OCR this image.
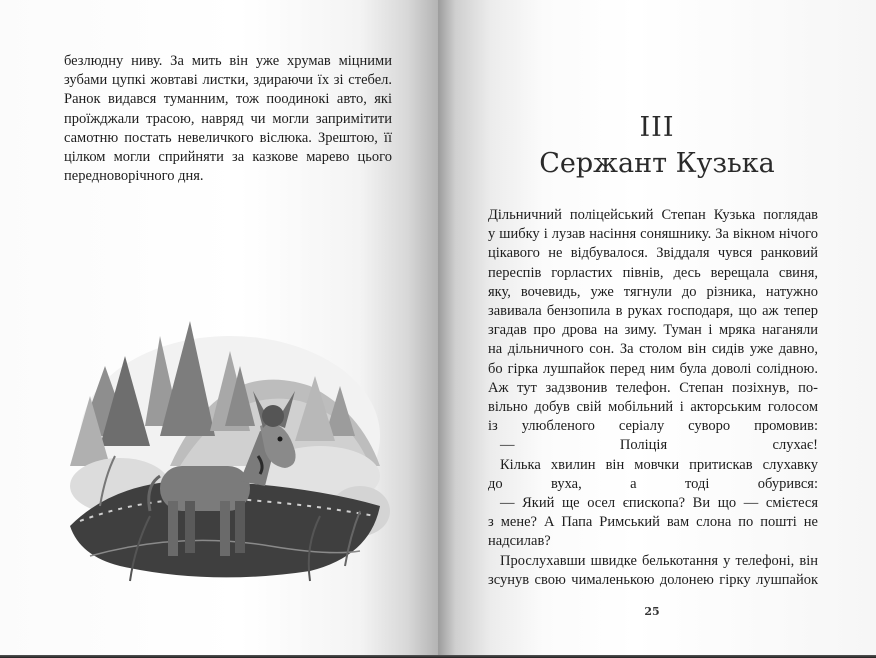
безлюдну ниву. За мить він уже хрумав міцними
зубами цупкі жовтаві листки, здираючи їх зі стебел.
Ранок видався туманним, тож поодинокі авто, які
проїжджали трасою, навряд чи могли запримітити
самотню постать невеличкого віслюка. Зрештою, її
цілком могли сприйняти за казкове марево цього
передноворічного дня.
III
Сержант Кузька
Дільничний поліцейський Степан Кузька поглядав
у шибку і лузав насіння соняшнику. За вікном нічого
цікавого не відбувалося. Звіддаля чувся ранковий
переспів горластих півнів, десь верещала свиня,
яку, вочевидь, уже тягнули до різника, натужно
завивала бензопила в руках господаря, що аж тепер
згадав про дрова на зиму. Туман і мряка наганяли
на дільничного сон. За столом він сидів уже давно,
бо гірка лушпайок перед ним була доволі солідною.
Аж тут задзвонив телефон. Степан позіхнув, по-
вільно добув свій мобільний і акторським голосом
із улюбленого серіалу суворо промовив:
— Поліція слухає!
Кілька хвилин він мовчки притискав слухавку
до вуха, а тоді обурився:
— Який ще осел єпископа? Ви що — смієтеся
з мене? А Папа Римський вам слона по пошті не
надсилав?
Прослухавши швидке белькотання у телефоні, він
зсунув свою чималенькою долонею гірку лушпайок
25
